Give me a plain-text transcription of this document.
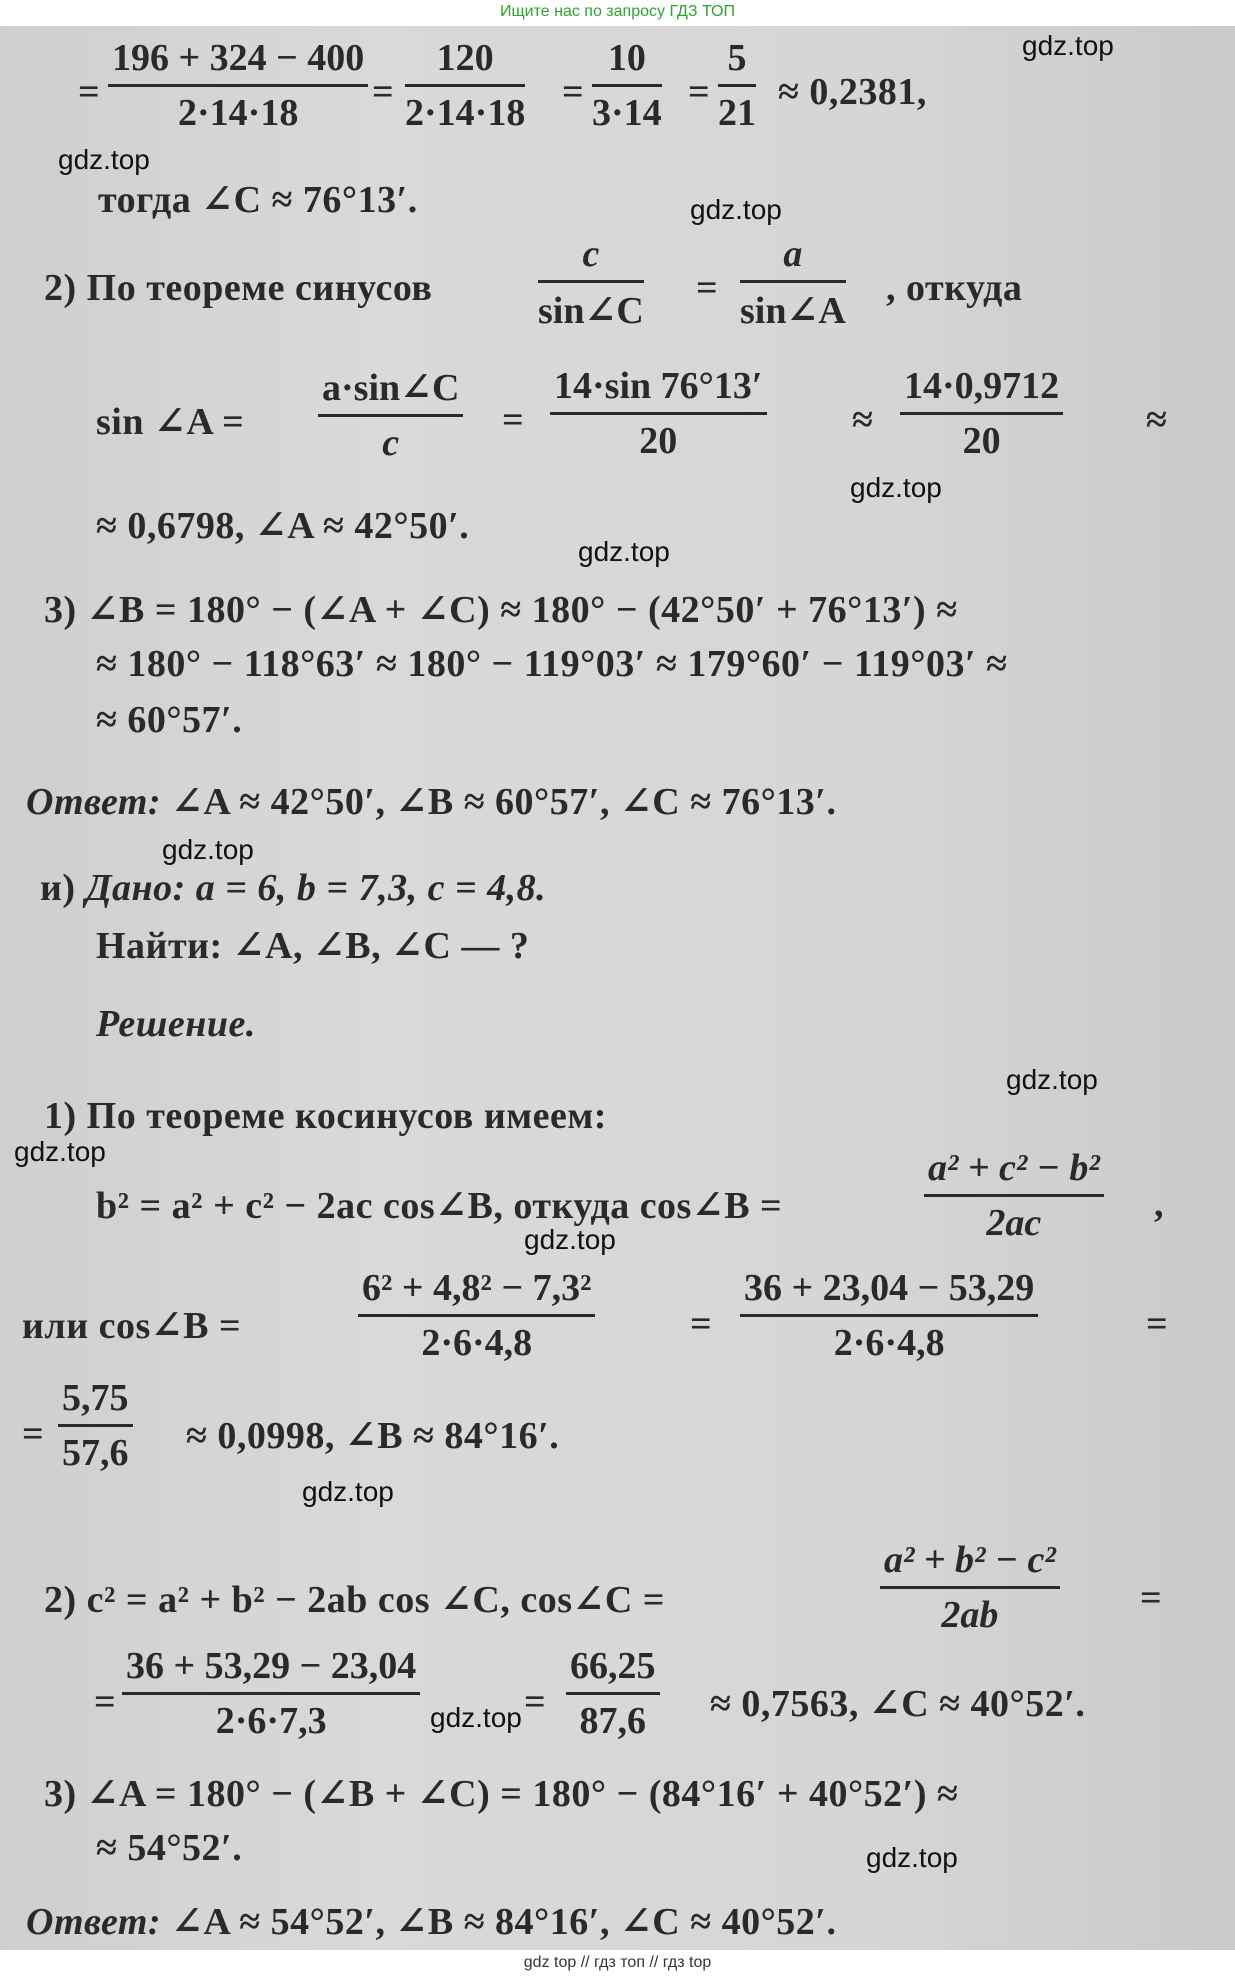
Ищите нас по запросу ГДЗ ТОП
= $\frac{196 + 324 - 400}{2\cdot 14\cdot 18} = \frac{120}{2\cdot 14\cdot 18} = \frac{10}{3\cdot 14} = \frac{5}{21} \approx 0,2381$,
тогда ∠C ≈ 76°13′.
2) По теореме синусов	$\frac{c}{\sin\angle C} = \frac{a}{\sin\angle A}$ , откуда
sin ∠A = $\frac{a\cdot\sin\angle C}{c} = \frac{14\cdot\sin 76^\circ 13'}{20} \approx \frac{14\cdot 0,9712}{20}$ ≈
≈ 0,6798, ∠A ≈ 42°50′.
3) ∠B = 180° − (∠A + ∠C) ≈ 180° − (42°50′ + 76°13′) ≈
≈ 180° − 118°63′ ≈ 180° − 119°03′ ≈ 179°60′ − 119°03′ ≈
≈ 60°57′.
Ответ: ∠A ≈ 42°50′, ∠B ≈ 60°57′, ∠C ≈ 76°13′.
и) Дано: a = 6, b = 7,3, c = 4,8.
Найти: ∠A, ∠B, ∠C — ?
Решение.
1) По теореме косинусов имеем:
b² = a² + c² − 2ac cos∠B, откуда cos∠B =	$\frac{\text{a² + c² − b²}}{2ac}$ ,
или cos∠B =	$\frac{\text{6² + 4,8² − 7,3²}}{2\cdot 6\cdot 4,8} = \frac{36 + 23,04 - 53,29}{2\cdot 6\cdot 4,8}$	=
= $\frac{5,75}{57,6} \approx 0,0998$, ∠B ≈ 84°16′.
2) c² = a² + b² − 2ab cos ∠C, cos∠C =	$\frac{\text{a² + b² − c²}}{2ab}$ =
= $\frac{36 + 53,29 - 23,04}{2\cdot 6\cdot 7,3}$	= $\frac{66,25}{87,6} \approx 0,7563$, ∠C ≈ 40°52′.
3) ∠A = 180° − (∠B + ∠C) = 180° − (84°16′ + 40°52′) ≈
≈ 54°52′.
Ответ: ∠A ≈ 54°52′, ∠B ≈ 84°16′, ∠C ≈ 40°52′.
gdz.top
gdz.top
gdz.top
gdz.top
gdz.top
gdz.top
gdz.top
gdz.top
gdz.top
gdz.top
gdz.top
gdz.top
gdz top // гдз топ // гдз top
